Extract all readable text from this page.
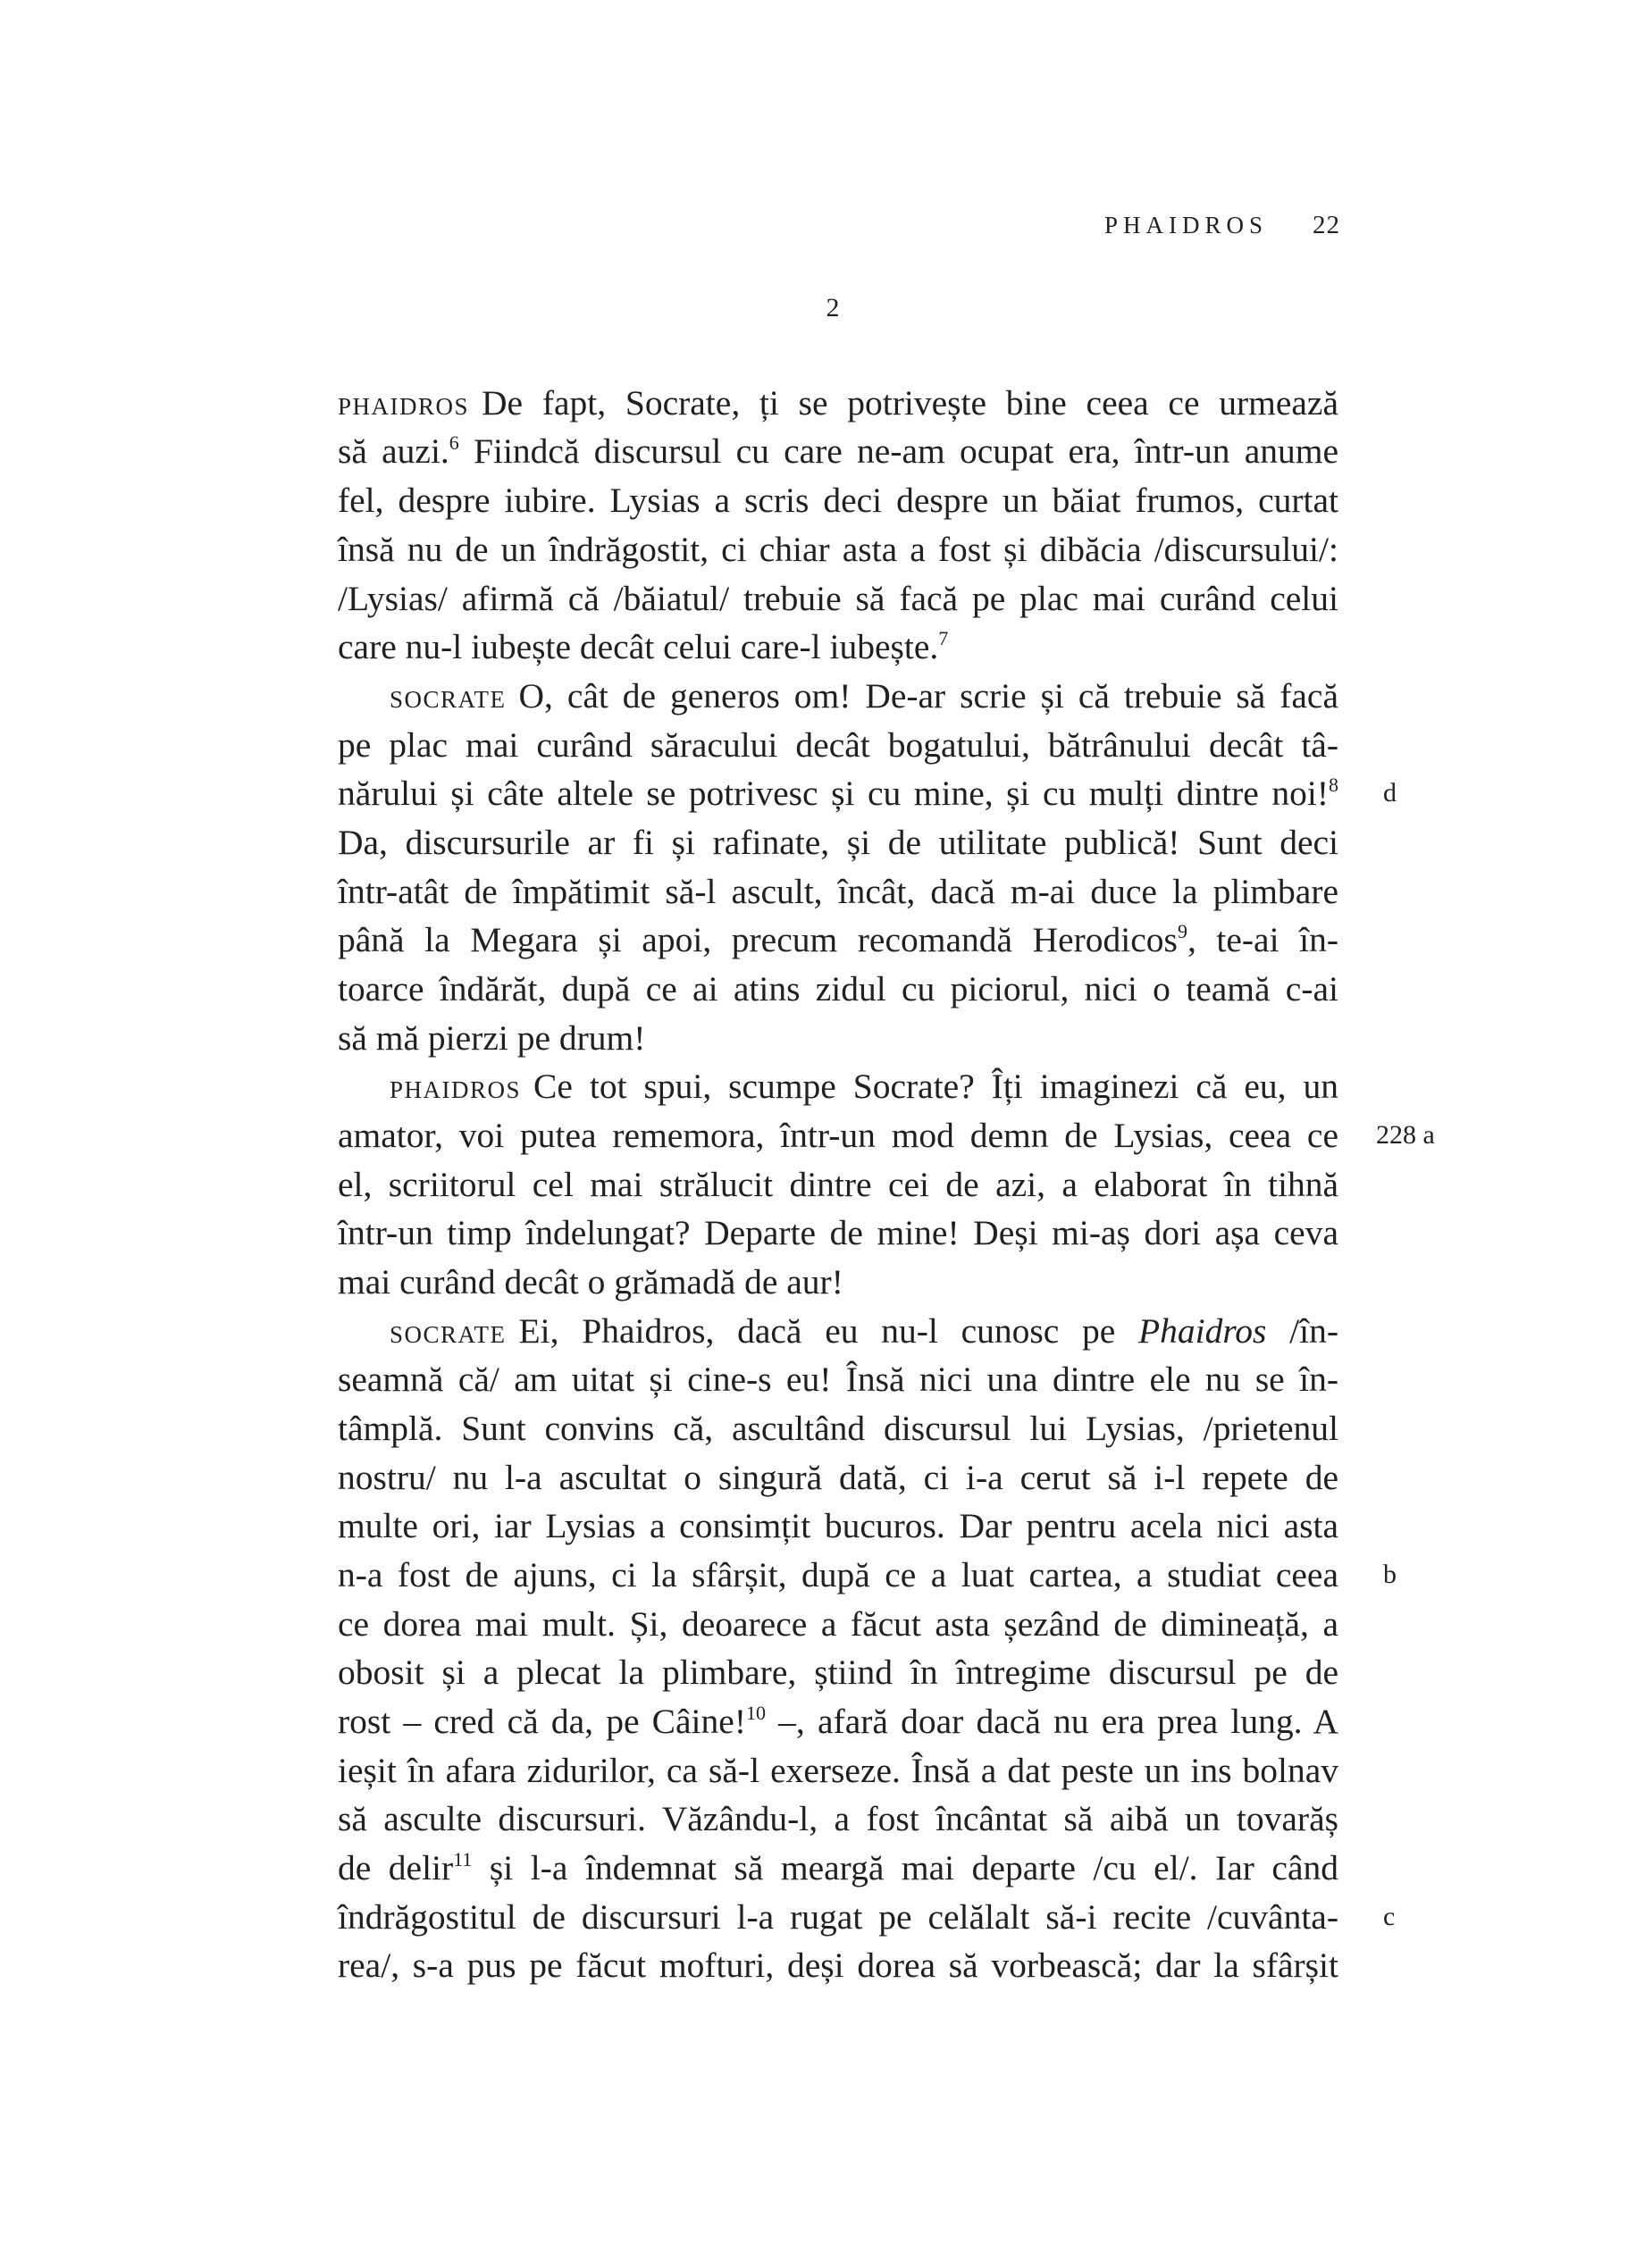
PHAIDROS 22
2
phaidros De fapt, Socrate, ți se potrivește bine ceea ce urmează
să auzi.$^6$ Fiindcă discursul cu care ne-am ocupat era, într-un anume
fel, despre iubire. Lysias a scris deci despre un băiat frumos, curtat
însă nu de un îndrăgostit, ci chiar asta a fost și dibăcia /discursului/:
/Lysias/ afirmă că /băiatul/ trebuie să facă pe plac mai curând celui
care nu-l iubește decât celui care-l iubește.$^7$
socrate O, cât de generos om! De-ar scrie și că trebuie să facă
pe plac mai curând săracului decât bogatului, bătrânului decât tâ-
nărului și câte altele se potrivesc și cu mine, și cu mulți dintre noi!$^8$
Da, discursurile ar fi și rafinate, și de utilitate publică! Sunt deci
într-atât de împătimit să-l ascult, încât, dacă m-ai duce la plimbare
până la Megara și apoi, precum recomandă Herodicos$^9$, te-ai în-
toarce îndărăt, după ce ai atins zidul cu piciorul, nici o teamă c-ai
să mă pierzi pe drum!
phaidros Ce tot spui, scumpe Socrate? Îți imaginezi că eu, un
amator, voi putea rememora, într-un mod demn de Lysias, ceea ce
el, scriitorul cel mai strălucit dintre cei de azi, a elaborat în tihnă
într-un timp îndelungat? Departe de mine! Deși mi-aș dori așa ceva
mai curând decât o grămadă de aur!
socrate Ei, Phaidros, dacă eu nu-l cunosc pe Phaidros /în-
seamnă că/ am uitat și cine-s eu! Însă nici una dintre ele nu se în-
tâmplă. Sunt convins că, ascultând discursul lui Lysias, /prietenul
nostru/ nu l-a ascultat o singură dată, ci i-a cerut să i-l repete de
multe ori, iar Lysias a consimțit bucuros. Dar pentru acela nici asta
n-a fost de ajuns, ci la sfârșit, după ce a luat cartea, a studiat ceea
ce dorea mai mult. Și, deoarece a făcut asta șezând de dimineață, a
obosit și a plecat la plimbare, știind în întregime discursul pe de
rost – cred că da, pe Câine!$^{10}$ –, afară doar dacă nu era prea lung. A
ieșit în afara zidurilor, ca să-l exerseze. Însă a dat peste un ins bolnav
să asculte discursuri. Văzându-l, a fost încântat să aibă un tovarăș
de delir$^{11}$ și l-a îndemnat să meargă mai departe /cu el/. Iar când
îndrăgostitul de discursuri l-a rugat pe celălalt să-i recite /cuvânta-
rea/, s-a pus pe făcut mofturi, deși dorea să vorbească; dar la sfârșit
d
228 a
b
c
